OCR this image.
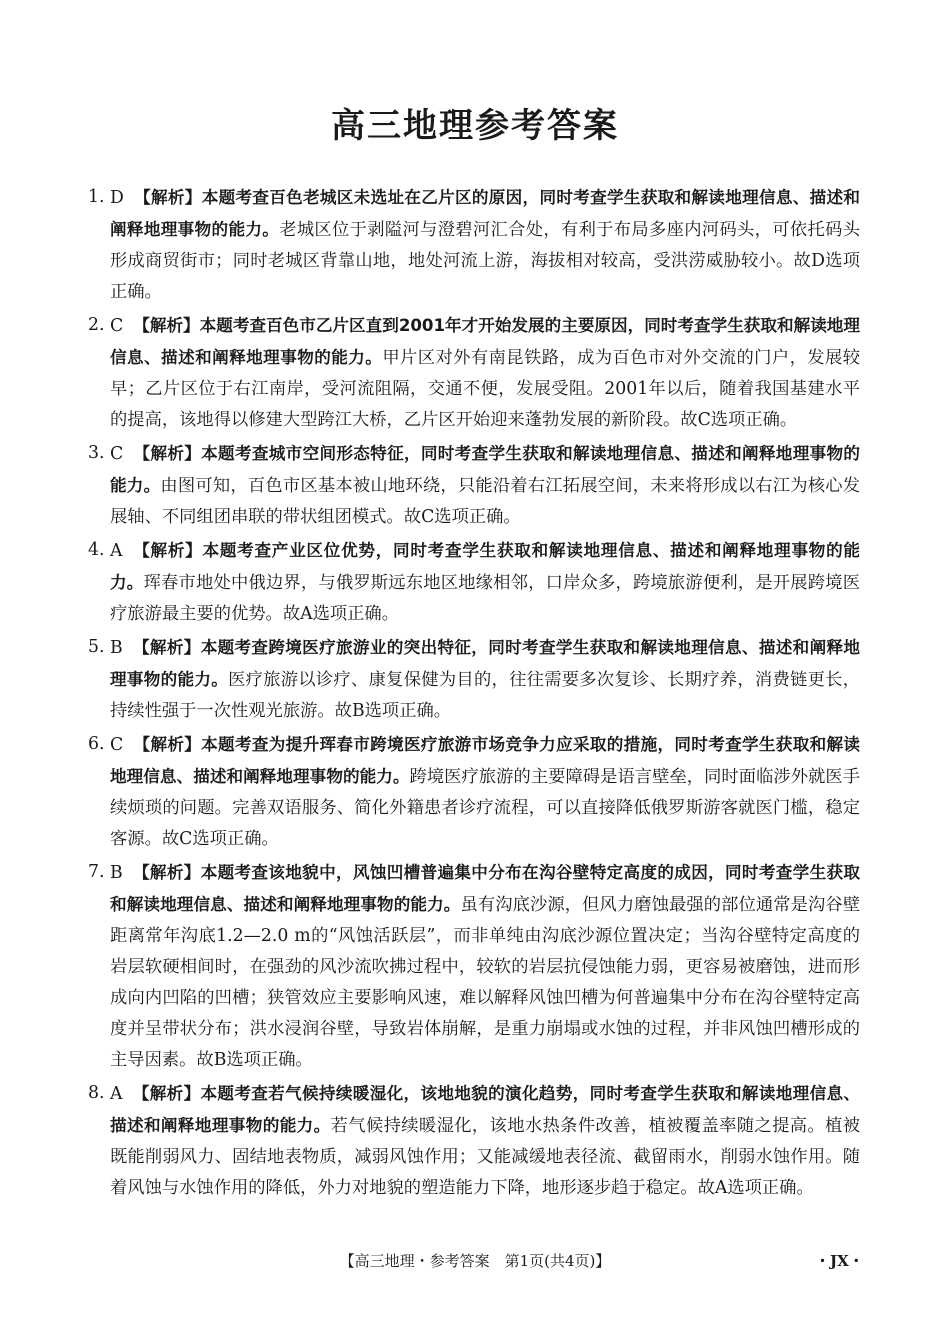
高三地理参考答案
1. D 【解析】本题考查百色老城区未选址在乙片区的原因，同时考查学生获取和解读地理信息、描述和阐释地理事物的能力。老城区位于剥隘河与澄碧河汇合处，有利于布局多座内河码头，可依托码头形成商贸街市；同时老城区背靠山地，地处河流上游，海拔相对较高，受洪涝威胁较小。故D选项正确。
2. C 【解析】本题考查百色市乙片区直到2001年才开始发展的主要原因，同时考查学生获取和解读地理信息、描述和阐释地理事物的能力。甲片区对外有南昆铁路，成为百色市对外交流的门户，发展较早；乙片区位于右江南岸，受河流阻隔，交通不便，发展受阻。2001年以后，随着我国基建水平的提高，该地得以修建大型跨江大桥，乙片区开始迎来蓬勃发展的新阶段。故C选项正确。
3. C 【解析】本题考查城市空间形态特征，同时考查学生获取和解读地理信息、描述和阐释地理事物的能力。由图可知，百色市区基本被山地环绕，只能沿着右江拓展空间，未来将形成以右江为核心发展轴、不同组团串联的带状组团模式。故C选项正确。
4. A 【解析】本题考查产业区位优势，同时考查学生获取和解读地理信息、描述和阐释地理事物的能力。珲春市地处中俄边界，与俄罗斯远东地区地缘相邻，口岸众多，跨境旅游便利，是开展跨境医疗旅游最主要的优势。故A选项正确。
5. B 【解析】本题考查跨境医疗旅游业的突出特征，同时考查学生获取和解读地理信息、描述和阐释地理事物的能力。医疗旅游以诊疗、康复保健为目的，往往需要多次复诊、长期疗养，消费链更长，持续性强于一次性观光旅游。故B选项正确。
6. C 【解析】本题考查为提升珲春市跨境医疗旅游市场竞争力应采取的措施，同时考查学生获取和解读地理信息、描述和阐释地理事物的能力。跨境医疗旅游的主要障碍是语言壁垒，同时面临涉外就医手续烦琐的问题。完善双语服务、简化外籍患者诊疗流程，可以直接降低俄罗斯游客就医门槛，稳定客源。故C选项正确。
7. B 【解析】本题考查该地貌中，风蚀凹槽普遍集中分布在沟谷壁特定高度的成因，同时考查学生获取和解读地理信息、描述和阐释地理事物的能力。虽有沟底沙源，但风力磨蚀最强的部位通常是沟谷壁距离常年沟底1.2—2.0 m的“风蚀活跃层”，而非单纯由沟底沙源位置决定；当沟谷壁特定高度的岩层软硬相间时，在强劲的风沙流吹拂过程中，较软的岩层抗侵蚀能力弱，更容易被磨蚀，进而形成向内凹陷的凹槽；狭管效应主要影响风速，难以解释风蚀凹槽为何普遍集中分布在沟谷壁特定高度并呈带状分布；洪水浸润谷壁，导致岩体崩解，是重力崩塌或水蚀的过程，并非风蚀凹槽形成的主导因素。故B选项正确。
8. A 【解析】本题考查若气候持续暖湿化，该地地貌的演化趋势，同时考查学生获取和解读地理信息、描述和阐释地理事物的能力。若气候持续暖湿化，该地水热条件改善，植被覆盖率随之提高。植被既能削弱风力、固结地表物质，减弱风蚀作用；又能减缓地表径流、截留雨水，削弱水蚀作用。随着风蚀与水蚀作用的降低，外力对地貌的塑造能力下降，地形逐步趋于稳定。故A选项正确。
【高三地理・参考答案　第1页(共4页)】	・JX・
